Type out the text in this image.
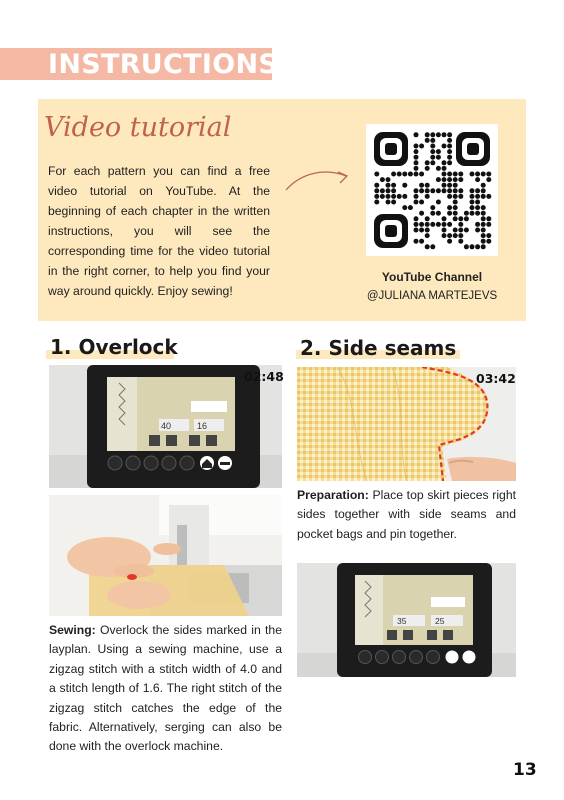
INSTRUCTIONS
Video tutorial
For each pattern you can find a free video tutorial on YouTube. At the beginning of each chapter in the written instructions, you will see the corresponding time for the video tutorial in the right corner, to help you find your way around quickly. Enjoy sewing!
YouTube Channel
@JULIANA MARTEJEVS
1. Overlock
40	16
02:48
Sewing: Overlock the sides marked in the layplan. Using a sewing machine, use a zigzag stitch with a stitch width of 4.0 and a stitch length of 1.6. The right stitch of the zigzag stitch catches the edge of the fabric. Alternatively, serging can also be done with the overlock machine.
2. Side seams
03:42
Preparation: Place top skirt pieces right sides together with side seams and pocket bags and pin together.
35	25
13
